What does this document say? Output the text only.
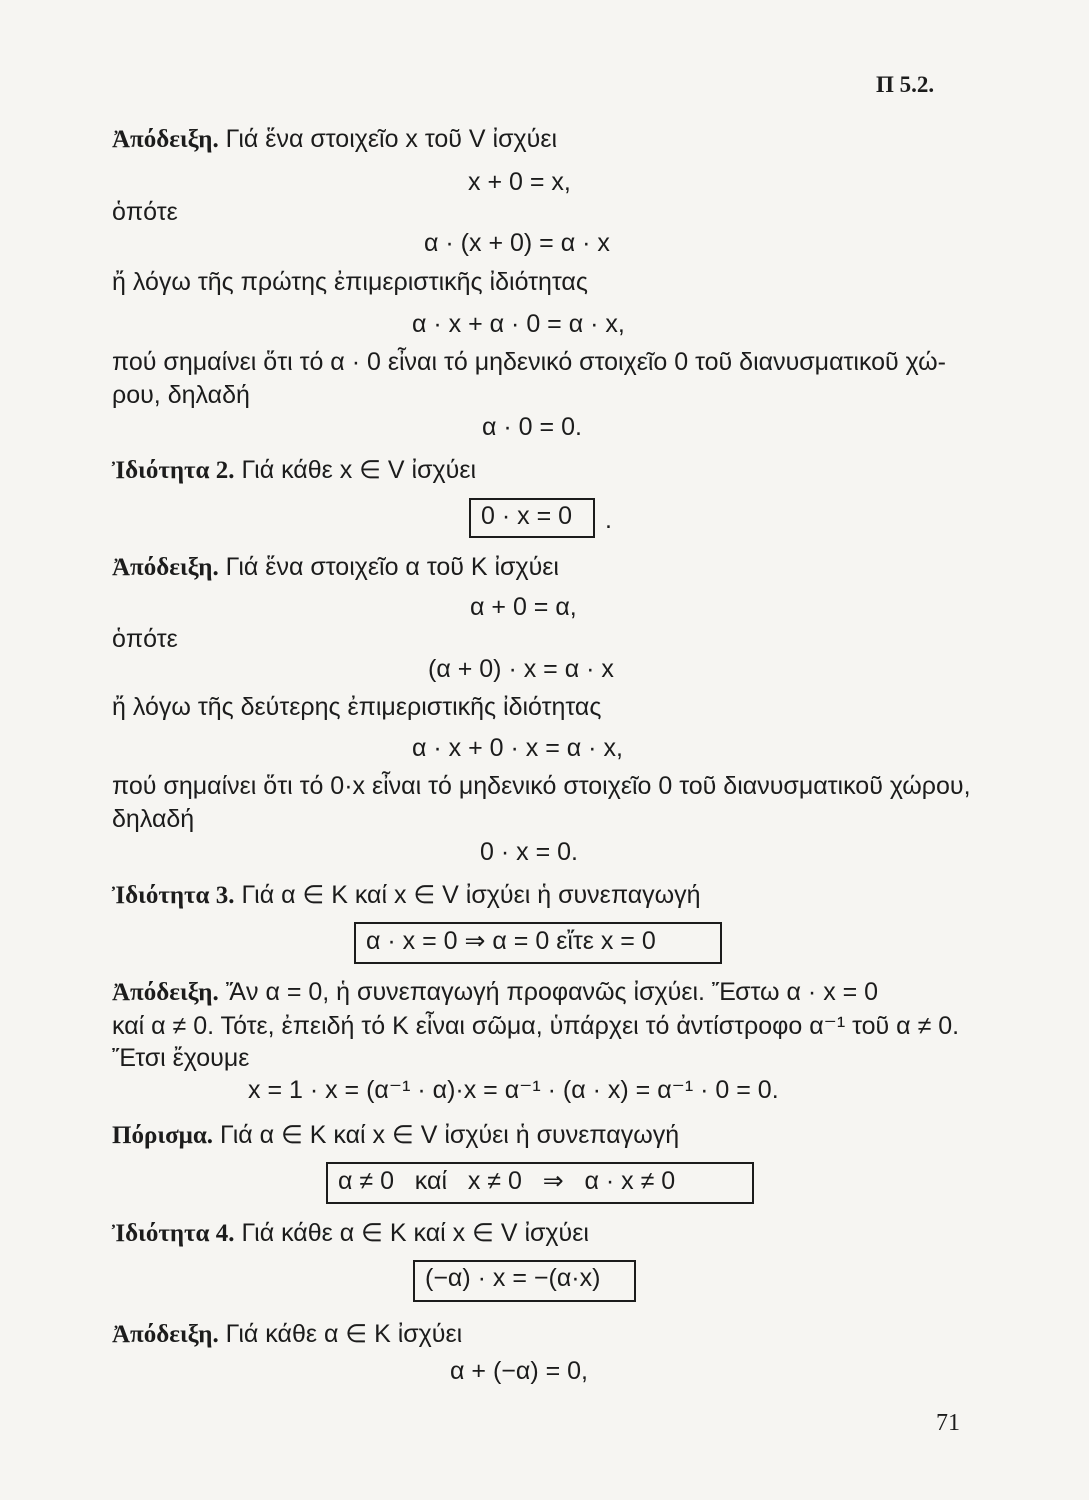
Π 5.2.
Ἀπόδειξη. Γιά ἕνα στοιχεῖο x τοῦ V ἰσχύει
x + 0 = x,
ὁπότε
α · (x + 0) = α · x
ἤ λόγω τῆς πρώτης ἐπιμεριστικῆς ἰδιότητας
α · x + α · 0 = α · x,
πού σημαίνει ὅτι τό α · 0 εἶναι τό μηδενικό στοιχεῖο 0 τοῦ διανυσματικοῦ χώ-
ρου, δηλαδή
α · 0 = 0.
Ἰδιότητα 2. Γιά κάθε x ∈ V ἰσχύει
0 · x = 0	.
Ἀπόδειξη. Γιά ἕνα στοιχεῖο α τοῦ K ἰσχύει
α + 0 = α,
ὁπότε
(α + 0) · x = α · x
ἤ λόγω τῆς δεύτερης ἐπιμεριστικῆς ἰδιότητας
α · x + 0 · x = α · x,
πού σημαίνει ὅτι τό 0·x εἶναι τό μηδενικό στοιχεῖο 0 τοῦ διανυσματικοῦ χώρου,
δηλαδή
0 · x = 0.
Ἰδιότητα 3. Γιά α ∈ K καί x ∈ V ἰσχύει ἡ συνεπαγωγή
α · x = 0 ⇒ α = 0 εἴτε x = 0
Ἀπόδειξη. Ἄν α = 0, ἡ συνεπαγωγή προφανῶς ἰσχύει. Ἔστω α · x = 0
καί α ≠ 0. Τότε, ἐπειδή τό K εἶναι σῶμα, ὑπάρχει τό ἀντίστροφο α⁻¹ τοῦ α ≠ 0.
Ἔτσι ἔχουμε
x = 1 · x = (α⁻¹ · α)·x = α⁻¹ · (α · x) = α⁻¹ · 0 = 0.
Πόρισμα. Γιά α ∈ K καί x ∈ V ἰσχύει ἡ συνεπαγωγή
α ≠ 0   καί   x ≠ 0   ⇒   α · x ≠ 0
Ἰδιότητα 4. Γιά κάθε α ∈ K καί x ∈ V ἰσχύει
(−α) · x = −(α·x)
Ἀπόδειξη. Γιά κάθε α ∈ K ἰσχύει
α + (−α) = 0,
71
